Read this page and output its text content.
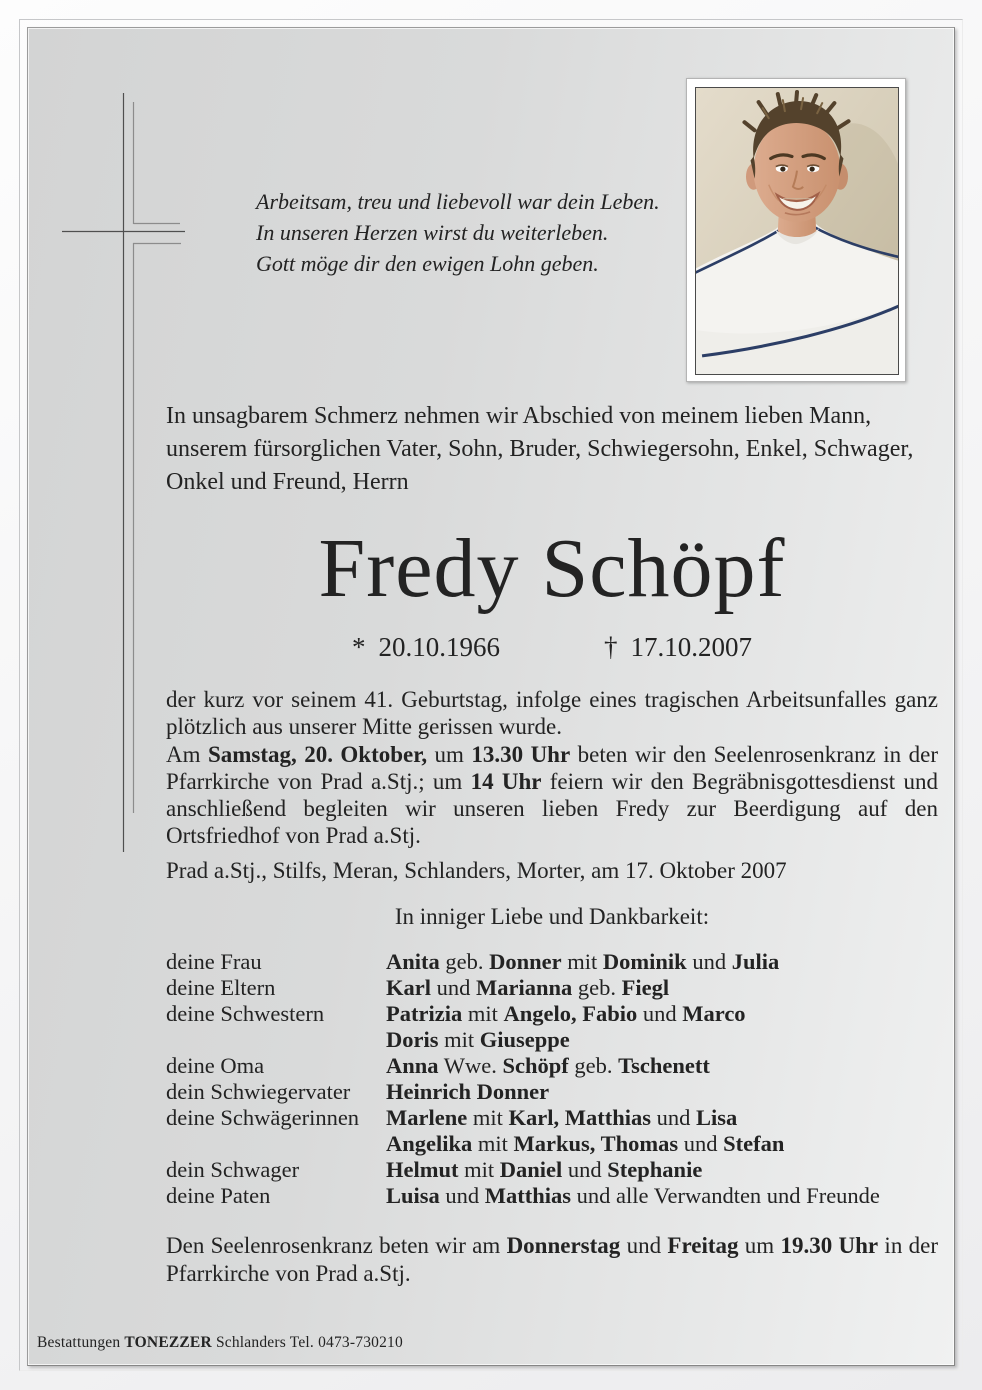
Arbeitsam, treu und liebevoll war dein Leben.
In unseren Herzen wirst du weiterleben.
Gott möge dir den ewigen Lohn geben.
In unsagbarem Schmerz nehmen wir Abschied von meinem lieben Mann, unserem fürsorglichen Vater, Sohn, Bruder, Schwiegersohn, Enkel, Schwager, Onkel und Freund, Herrn
Fredy Schöpf
* 20.10.1966	† 17.10.2007

der kurz vor seinem 41. Geburtstag, infolge eines tragischen Arbeitsunfalles ganz plötzlich aus unserer Mitte gerissen wurde.

Am Samstag, 20. Oktober, um 13.30 Uhr beten wir den Seelenrosenkranz in der Pfarrkirche von Prad a.Stj.; um 14 Uhr feiern wir den Begräbnisgottesdienst und anschließend begleiten wir unseren lieben Fredy zur Beerdigung auf den Ortsfriedhof von Prad a.Stj.

Prad a.Stj., Stilfs, Meran, Schlanders, Morter, am 17. Oktober 2007
In inniger Liebe und Dankbarkeit:
deine Frau	Anita geb. Donner mit Dominik und Julia
deine Eltern	Karl und Marianna geb. Fiegl
deine Schwestern	Patrizia mit Angelo, Fabio und Marco
Doris mit Giuseppe
deine Oma	Anna Wwe. Schöpf geb. Tschenett
dein Schwiegervater	Heinrich Donner
deine Schwägerinnen	Marlene mit Karl, Matthias und Lisa
Angelika mit Markus, Thomas und Stefan
dein Schwager	Helmut mit Daniel und Stephanie
deine Paten	Luisa und Matthias und alle Verwandten und Freunde
Den Seelenrosenkranz beten wir am Donnerstag und Freitag um 19.30 Uhr in der Pfarrkirche von Prad a.Stj.
Bestattungen TONEZZER Schlanders Tel. 0473-730210
